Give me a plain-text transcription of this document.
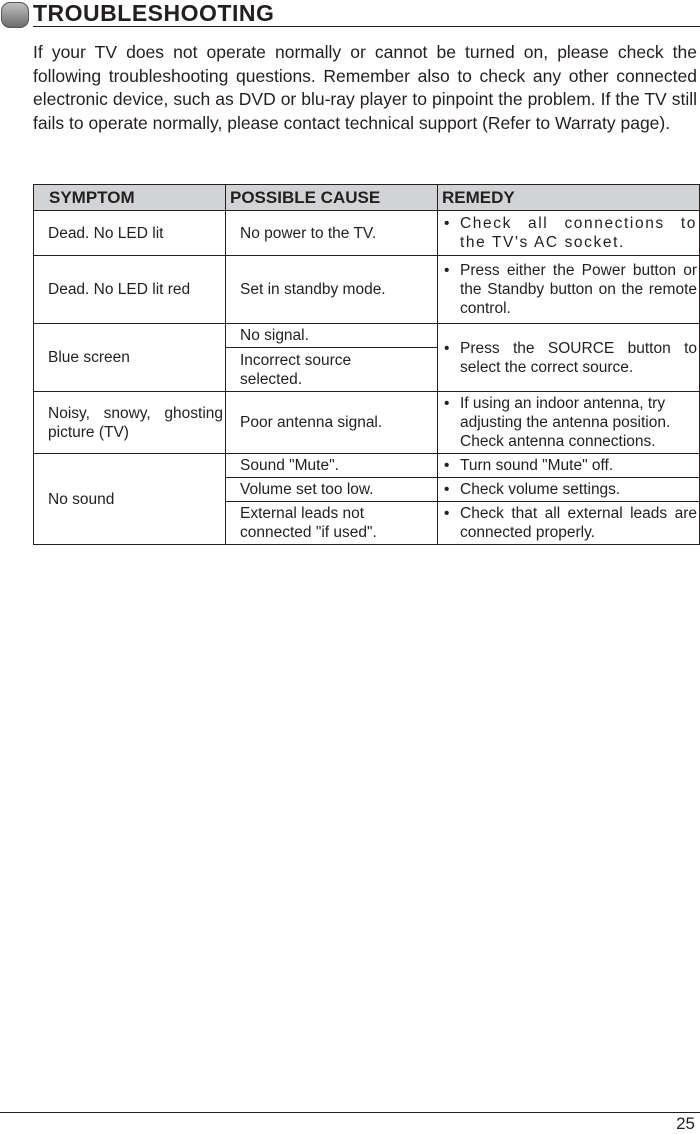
TROUBLESHOOTING
If your TV does not operate normally or cannot be turned on, please check the following troubleshooting questions. Remember also to check any other connected electronic device, such as DVD or blu-ray player to pinpoint the problem. If the TV still fails to operate normally, please contact technical support (Refer to Warraty page).
SYMPTOM	POSSIBLE CAUSE	REMEDY
Dead. No LED lit	No power to the TV.	• Check all connections to the TV's AC socket.

Dead. No LED lit red	Set in standby mode.	• Press either the Power button or the Standby button on the remote control.

Blue screen	No signal.	• Press the SOURCE button to select the correct source.

	Incorrect source selected.	
Noisy, snowy, ghosting picture (TV)	Poor antenna signal.	• If using an indoor antenna, try adjusting the antenna position. Check antenna connections.

No sound	Sound "Mute".	• Turn sound "Mute" off.

	Volume set too low.	• Check volume settings.

	External leads not connected "if used".	• Check that all external leads are connected properly.
25
